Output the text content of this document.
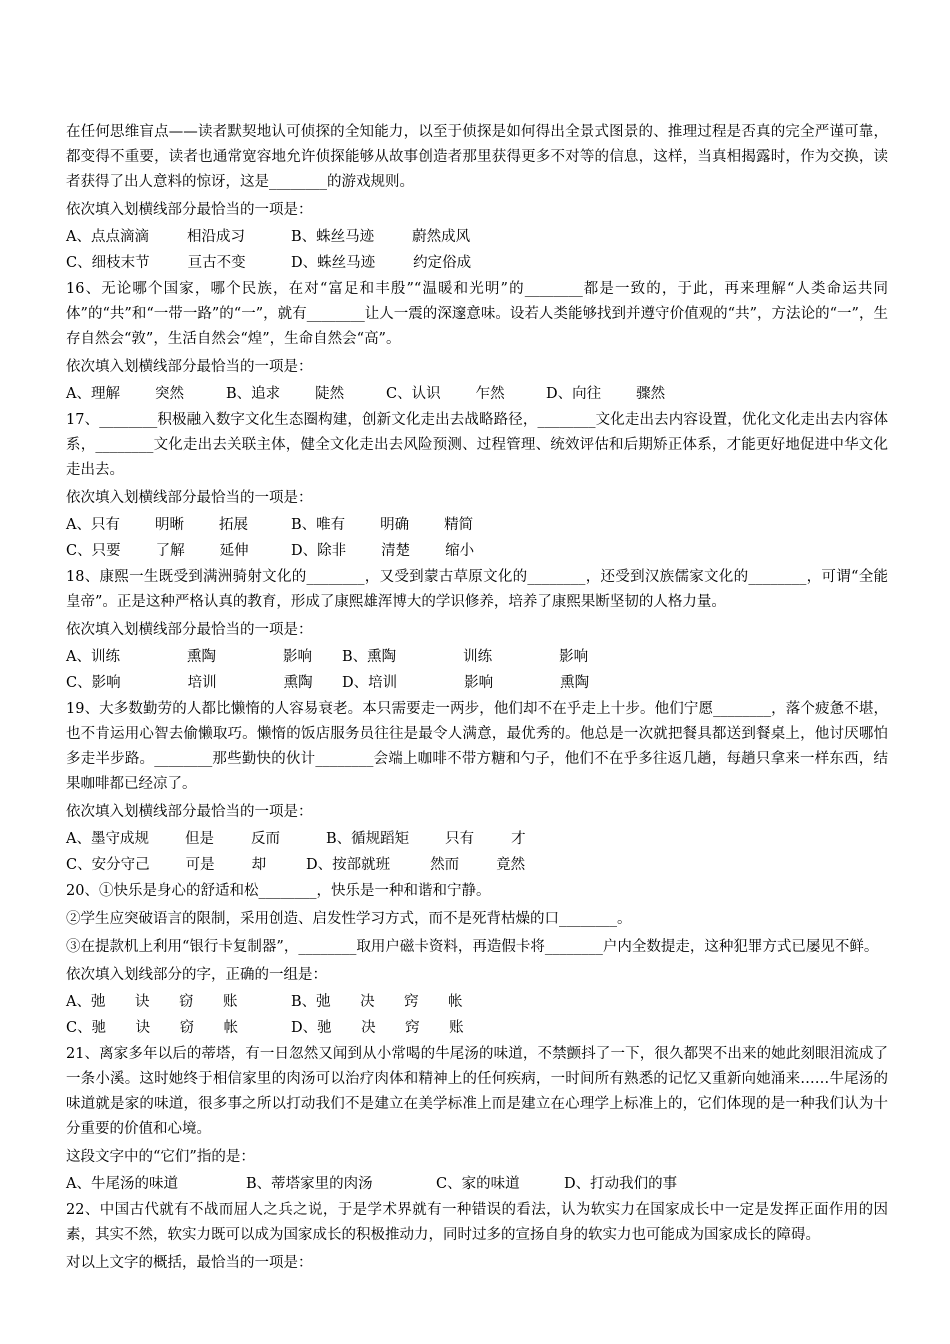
在任何思维盲点——读者默契地认可侦探的全知能力，以至于侦探是如何得出全景式图景的、推理过程是否真的完全严谨可靠，都变得不重要，读者也通常宽容地允许侦探能够从故事创造者那里获得更多不对等的信息，这样，当真相揭露时，作为交换，读者获得了出人意料的惊讶，这是________的游戏规则。
依次填入划横线部分最恰当的一项是：
A、点点滴滴	相沿成习	B、蛛丝马迹	蔚然成风
C、细枝末节	亘古不变	D、蛛丝马迹	约定俗成
16、无论哪个国家，哪个民族，在对“富足和丰殷”“温暖和光明”的________都是一致的，于此，再来理解“人类命运共同体”的“共”和“一带一路”的“一”，就有________让人一震的深邃意味。设若人类能够找到并遵守价值观的“共”，方法论的“一”，生存自然会“敦”，生活自然会“煌”，生命自然会“高”。
依次填入划横线部分最恰当的一项是：
A、理解 突然	B、追求 陡然	C、认识 乍然	D、向往 骤然
17、________积极融入数字文化生态圈构建，创新文化走出去战略路径，________文化走出去内容设置，优化文化走出去内容体系，________文化走出去关联主体，健全文化走出去风险预测、过程管理、统效评估和后期矫正体系，才能更好地促进中华文化走出去。
依次填入划横线部分最恰当的一项是：
A、只有 明晰 拓展	B、唯有 明确 精简
C、只要 了解 延伸	D、除非 清楚 缩小
18、康熙一生既受到满洲骑射文化的________，又受到蒙古草原文化的________，还受到汉族儒家文化的________，可谓“全能皇帝”。正是这种严格认真的教育，形成了康熙雄浑博大的学识修养，培养了康熙果断坚韧的人格力量。
依次填入划横线部分最恰当的一项是：
A、训练	熏陶	影响 B、熏陶	训练	影响
C、影响	培训	熏陶 D、培训	影响	熏陶
19、大多数勤劳的人都比懒惰的人容易衰老。本只需要走一两步，他们却不在乎走上十步。他们宁愿________，落个疲惫不堪，也不肯运用心智去偷懒取巧。懒惰的饭店服务员往往是最令人满意，最优秀的。他总是一次就把餐具都送到餐桌上，他讨厌哪怕多走半步路。________那些勤快的伙计________会端上咖啡不带方糖和勺子，他们不在乎多往返几趟，每趟只拿来一样东西，结果咖啡都已经凉了。
依次填入划横线部分最恰当的一项是：
A、墨守成规 但是	反而	B、循规蹈矩 只有	才
C、安分守己 可是	却	D、按部就班	然而	竟然
20、①快乐是身心的舒适和松________，快乐是一种和谐和宁静。
②学生应突破语言的限制，采用创造、启发性学习方式，而不是死背枯燥的口________。
③在提款机上利用“银行卡复制器”，________取用户磁卡资料，再造假卡将________户内全数提走，这种犯罪方式已屡见不鲜。
依次填入划线部分的字，正确的一组是：
A、弛 诀 窃 账	B、弛 决 窍 帐
C、驰 诀 窃 帐	D、驰 决 窍 账
21、离家多年以后的蒂塔，有一日忽然又闻到从小常喝的牛尾汤的味道，不禁颤抖了一下，很久都哭不出来的她此刻眼泪流成了一条小溪。这时她终于相信家里的肉汤可以治疗肉体和精神上的任何疾病，一时间所有熟悉的记忆又重新向她涌来……牛尾汤的味道就是家的味道，很多事之所以打动我们不是建立在美学标准上而是建立在心理学上标准上的，它们体现的是一种我们认为十分重要的价值和心境。
这段文字中的“它们”指的是：
A、牛尾汤的味道	B、蒂塔家里的肉汤	C、家的味道	D、打动我们的事
22、中国古代就有不战而屈人之兵之说，于是学术界就有一种错误的看法，认为软实力在国家成长中一定是发挥正面作用的因素，其实不然，软实力既可以成为国家成长的积极推动力，同时过多的宣扬自身的软实力也可能成为国家成长的障碍。
对以上文字的概括，最恰当的一项是：
